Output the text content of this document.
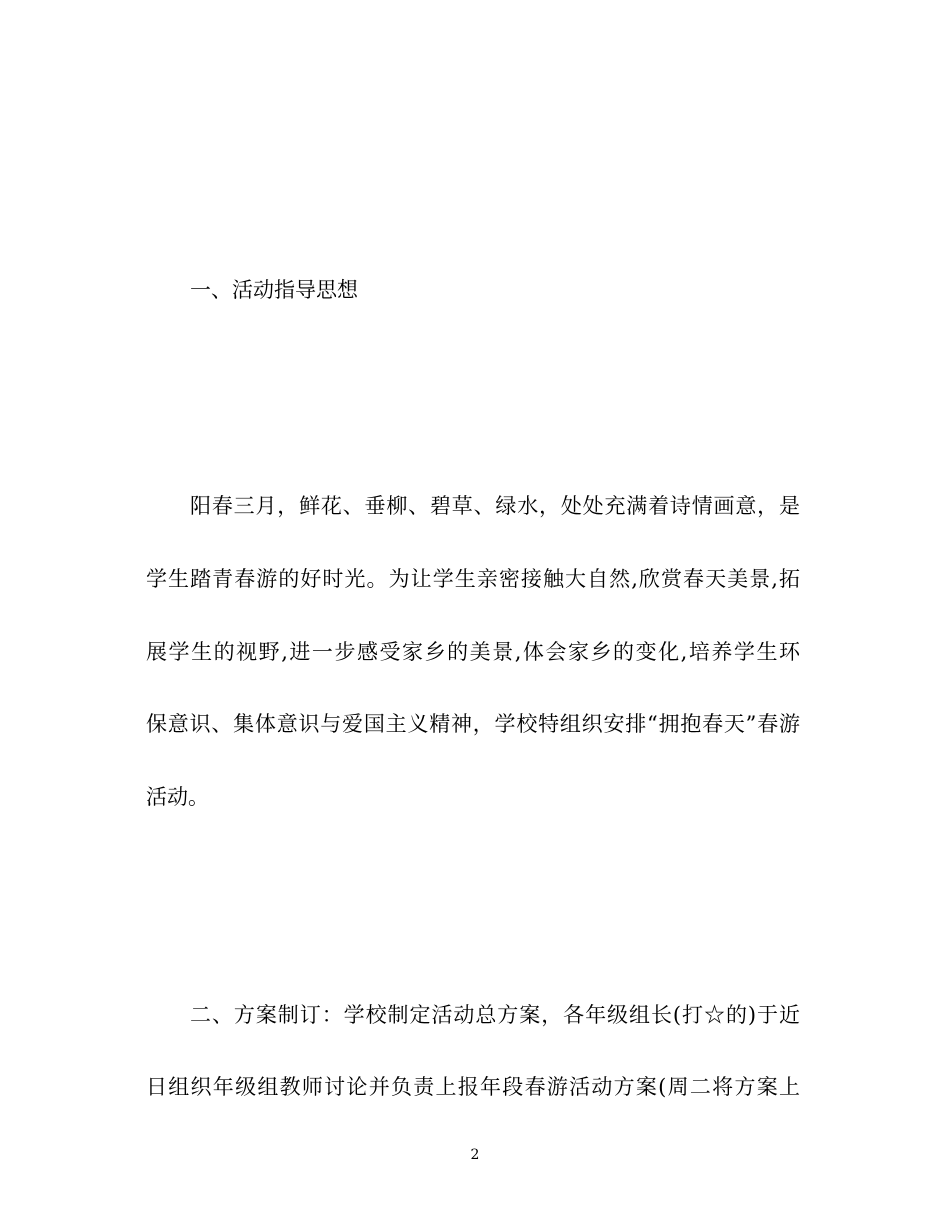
一、活动指导思想
阳春三月，鲜花、垂柳、碧草、绿水，处处充满着诗情画意，是
学生踏青春游的好时光。为让学生亲密接触大自然,欣赏春天美景,拓
展学生的视野,进一步感受家乡的美景,体会家乡的变化,培养学生环
保意识、集体意识与爱国主义精神，学校特组织安排“拥抱春天”春游
活动。
二、方案制订：学校制定活动总方案，各年级组长(打☆的)于近
日组织年级组教师讨论并负责上报年段春游活动方案(周二将方案上
2
